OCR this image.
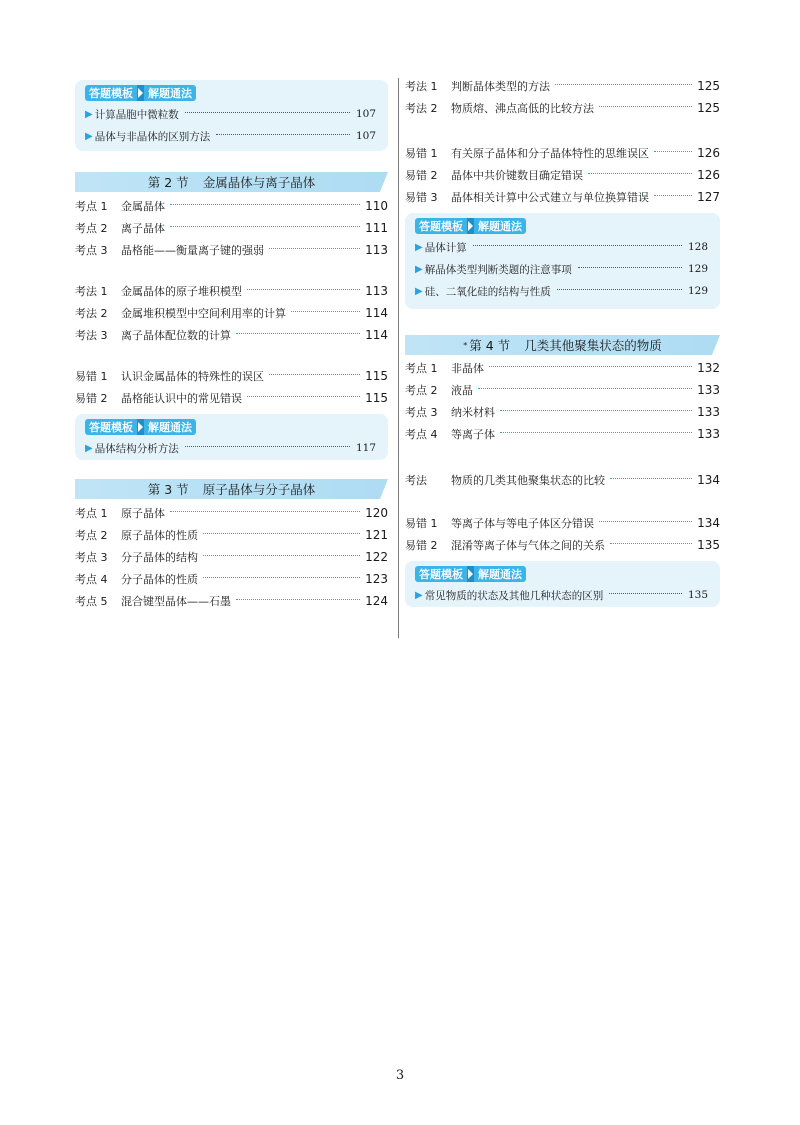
答题模板	解题通法
▶ 计算晶胞中微粒数	107
▶ 晶体与非晶体的区别方法	107
第 2 节 金属晶体与离子晶体
考点 1	金属晶体	110
考点 2	离子晶体	111
考点 3	晶格能——衡量离子键的强弱	113
考法 1	金属晶体的原子堆积模型	113
考法 2	金属堆积模型中空间利用率的计算	114
考法 3	离子晶体配位数的计算	114
易错 1	认识金属晶体的特殊性的误区	115
易错 2	晶格能认识中的常见错误	115
答题模板	解题通法
▶ 晶体结构分析方法	117
第 3 节 原子晶体与分子晶体
考点 1	原子晶体	120
考点 2	原子晶体的性质	121
考点 3	分子晶体的结构	122
考点 4	分子晶体的性质	123
考点 5	混合键型晶体——石墨	124
考法 1	判断晶体类型的方法	125
考法 2	物质熔、沸点高低的比较方法	125
易错 1	有关原子晶体和分子晶体特性的思维误区	126
易错 2	晶体中共价键数目确定错误	126
易错 3	晶体相关计算中公式建立与单位换算错误	127
答题模板	解题通法
▶ 晶体计算	128
▶ 解晶体类型判断类题的注意事项	129
▶ 硅、二氧化硅的结构与性质	129
* 第 4 节 几类其他聚集状态的物质
考点 1	非晶体	132
考点 2	液晶	133
考点 3	纳米材料	133
考点 4	等离子体	133
考法	物质的几类其他聚集状态的比较	134
易错 1	等离子体与等电子体区分错误	134
易错 2	混淆等离子体与气体之间的关系	135
答题模板	解题通法
▶ 常见物质的状态及其他几种状态的区别	135
3
